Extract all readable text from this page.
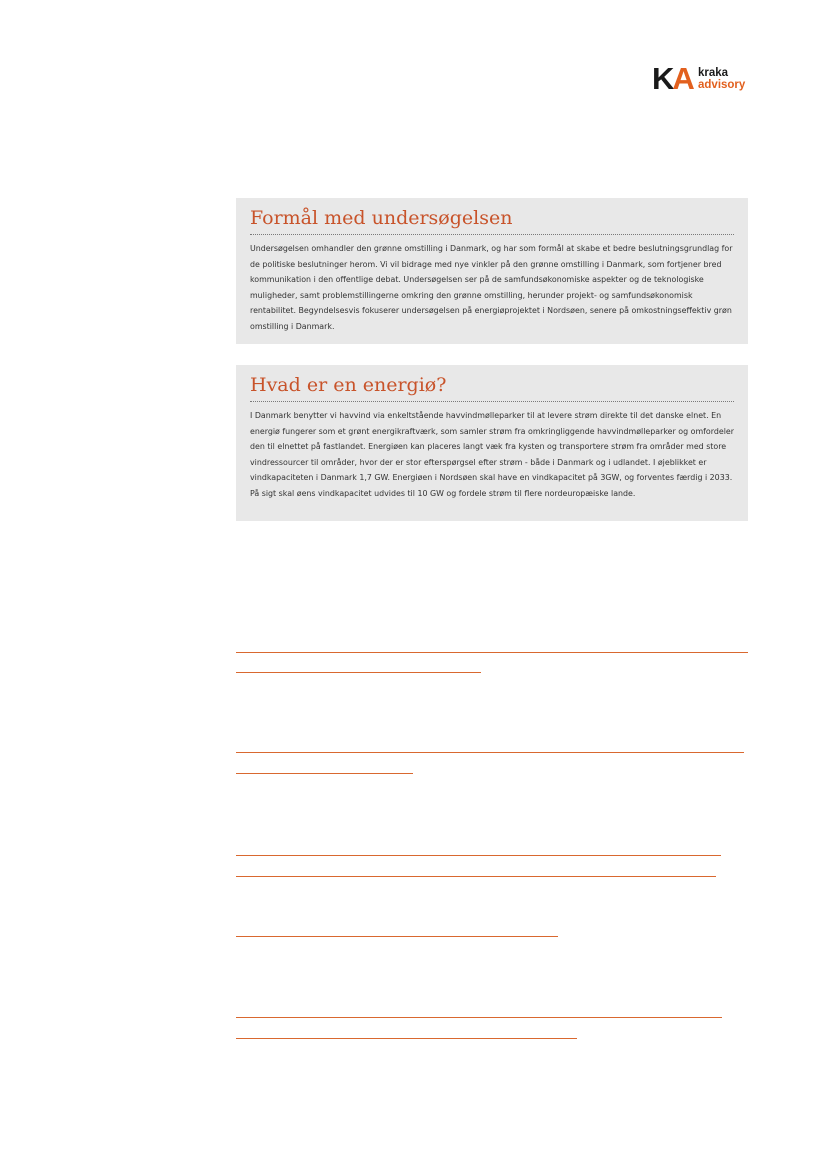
KA kraka
advisory
Formål med undersøgelsen

Undersøgelsen omhandler den grønne omstilling i Danmark, og har som formål at skabe et bedre beslutningsgrundlag for de politiske beslutninger herom. Vi vil bidrage med nye vinkler på den grønne omstilling i Danmark, som fortjener bred kommunikation i den offentlige debat. Undersøgelsen ser på de samfundsøkonomiske aspekter og de teknologiske muligheder, samt problemstillingerne omkring den grønne omstilling, herunder projekt- og samfundsøkonomisk rentabilitet. Begyndelsesvis fokuserer undersøgelsen på energiøprojektet i Nordsøen, senere på omkostningseffektiv grøn omstilling i Danmark.

Hvad er en energiø?

I Danmark benytter vi havvind via enkeltstående havvindmølleparker til at levere strøm direkte til det danske elnet. En energiø fungerer som et grønt energikraftværk, som samler strøm fra omkringliggende havvindmølleparker og omfordeler den til elnettet på fastlandet. Energiøen kan placeres langt væk fra kysten og transportere strøm fra områder med store vindressourcer til områder, hvor der er stor efterspørgsel efter strøm - både i Danmark og i udlandet. I øjeblikket er vindkapaciteten i Danmark 1,7 GW. Energiøen i Nordsøen skal have en vindkapacitet på 3GW, og forventes færdig i 2033. På sigt skal øens vindkapacitet udvides til 10 GW og fordele strøm til flere nordeuropæiske lande.
